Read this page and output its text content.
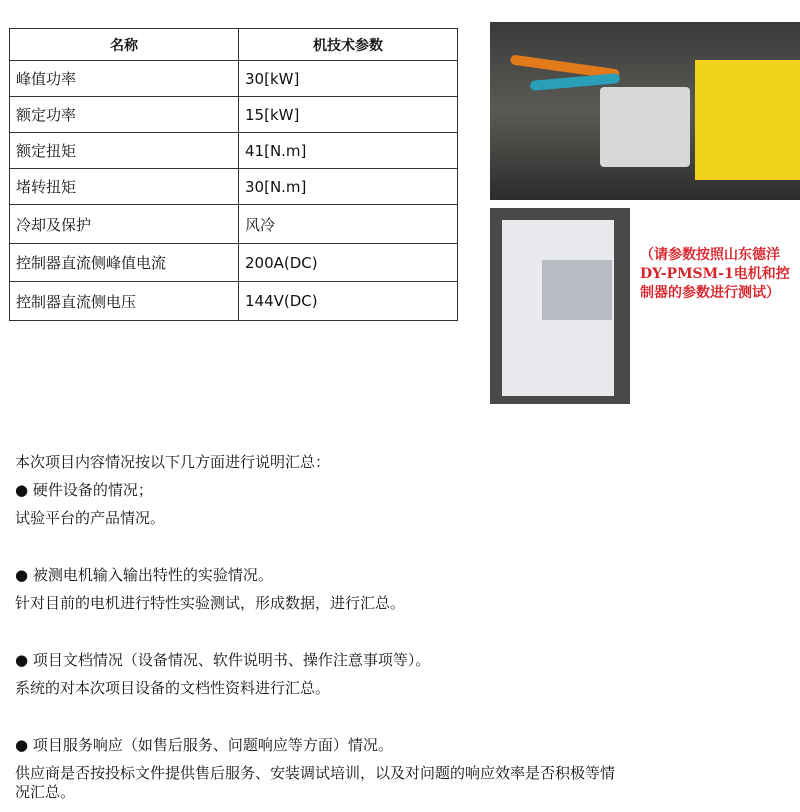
名称	机技术参数
峰值功率	30[kW]
额定功率	15[kW]
额定扭矩	41[N.m]
堵转扭矩	30[N.m]
冷却及保护	风冷
控制器直流侧峰值电流	200A(DC)
控制器直流侧电压	144V(DC)
（请参数按照山东德洋DY-PMSM-1电机和控制器的参数进行测试）
本次项目内容情况按以下几方面进行说明汇总：
● 硬件设备的情况；
试验平台的产品情况。
● 被测电机输入输出特性的实验情况。
针对目前的电机进行特性实验测试，形成数据，进行汇总。
● 项目文档情况（设备情况、软件说明书、操作注意事项等）。
系统的对本次项目设备的文档性资料进行汇总。
● 项目服务响应（如售后服务、问题响应等方面）情况。
供应商是否按投标文件提供售后服务、安装调试培训，以及对问题的响应效率是否积极等情
况汇总。
